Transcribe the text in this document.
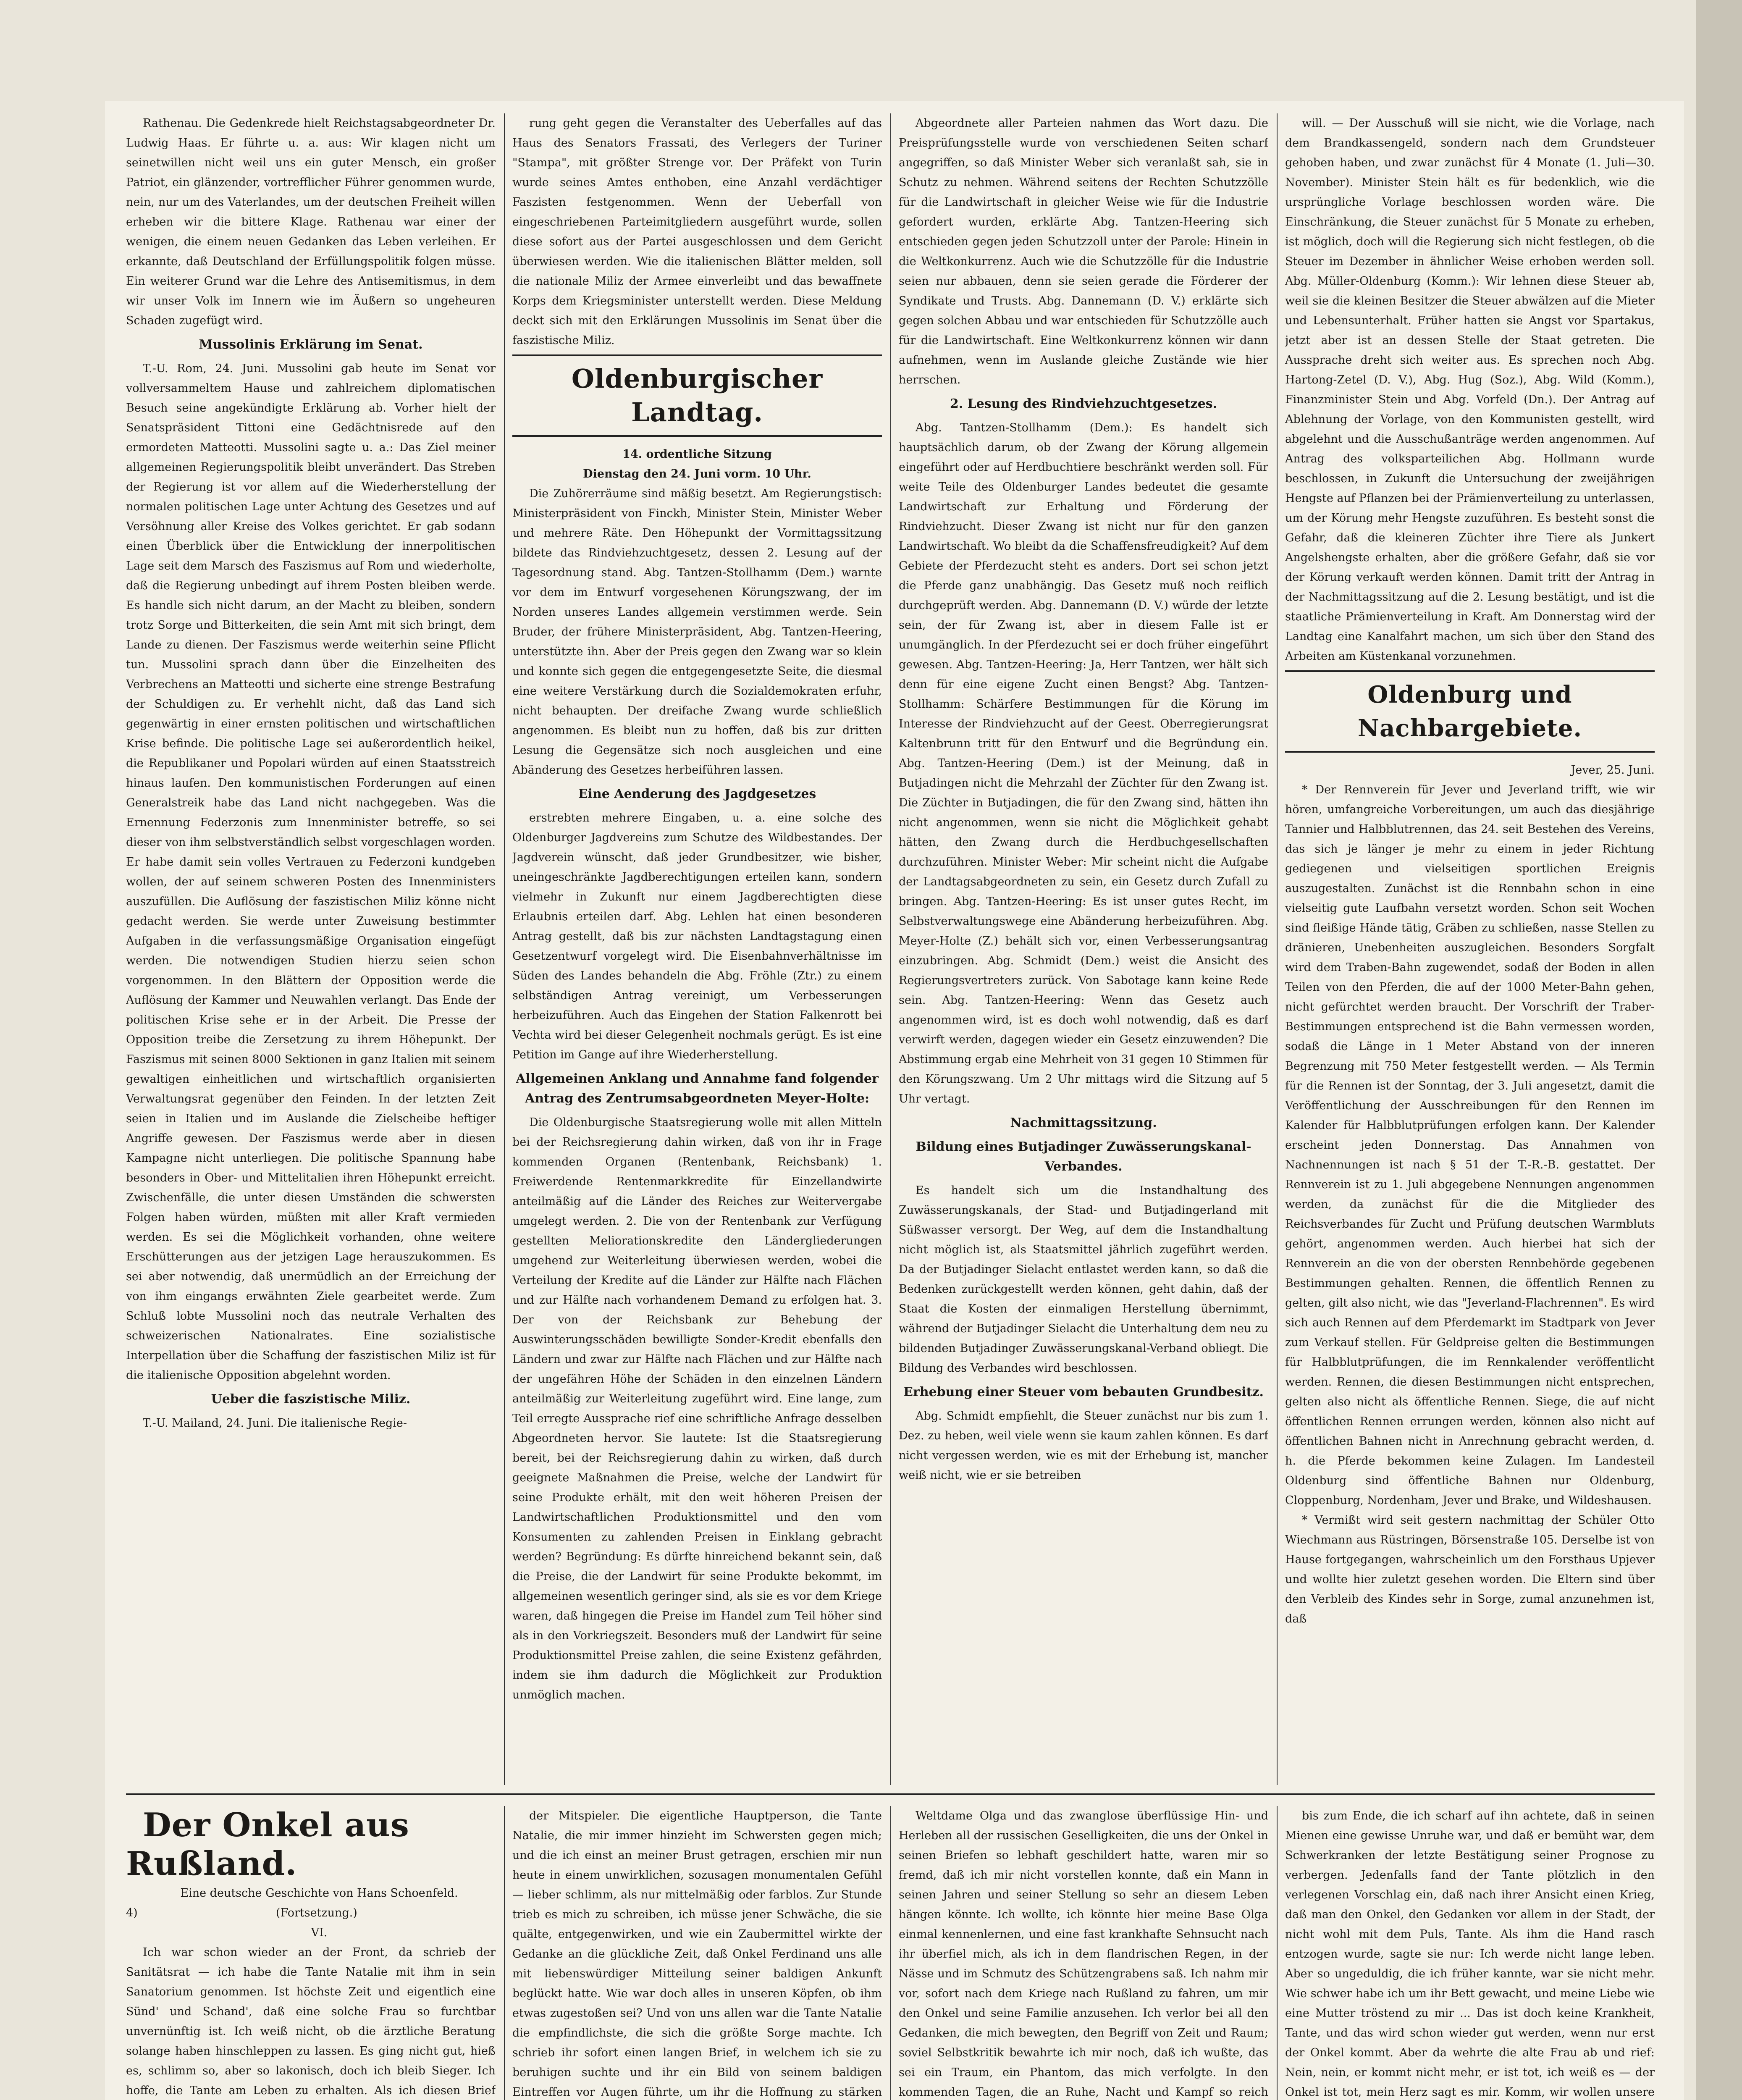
Rathenau. Die Gedenkrede hielt Reichstagsabgeordneter Dr. Ludwig Haas. Er führte u. a. aus: Wir klagen nicht um seinetwillen nicht weil uns ein guter Mensch, ein großer Patriot, ein glänzender, vortrefflicher Führer genommen wurde, nein, nur um des Vaterlandes, um der deutschen Freiheit willen erheben wir die bittere Klage. Rathenau war einer der wenigen, die einem neuen Gedanken das Leben verleihen. Er erkannte, daß Deutschland der Erfüllungspolitik folgen müsse. Ein weiterer Grund war die Lehre des Antisemitismus, in dem wir unser Volk im Innern wie im Äußern so ungeheuren Schaden zugefügt wird.

Mussolinis Erklärung im Senat.

T.-U. Rom, 24. Juni. Mussolini gab heute im Senat vor vollversammeltem Hause und zahlreichem diplomatischen Besuch seine angekündigte Erklärung ab. Vorher hielt der Senatspräsident Tittoni eine Gedächtnisrede auf den ermordeten Matteotti. Mussolini sagte u. a.: Das Ziel meiner allgemeinen Regierungspolitik bleibt unverändert. Das Streben der Regierung ist vor allem auf die Wiederherstellung der normalen politischen Lage unter Achtung des Gesetzes und auf Versöhnung aller Kreise des Volkes gerichtet. Er gab sodann einen Überblick über die Entwicklung der innerpolitischen Lage seit dem Marsch des Faszismus auf Rom und wiederholte, daß die Regierung unbedingt auf ihrem Posten bleiben werde. Es handle sich nicht darum, an der Macht zu bleiben, sondern trotz Sorge und Bitterkeiten, die sein Amt mit sich bringt, dem Lande zu dienen. Der Faszismus werde weiterhin seine Pflicht tun. Mussolini sprach dann über die Einzelheiten des Verbrechens an Matteotti und sicherte eine strenge Bestrafung der Schuldigen zu. Er verhehlt nicht, daß das Land sich gegenwärtig in einer ernsten politischen und wirtschaftlichen Krise befinde. Die politische Lage sei außerordentlich heikel, die Republikaner und Popolari würden auf einen Staatsstreich hinaus laufen. Den kommunistischen Forderungen auf einen Generalstreik habe das Land nicht nachgegeben. Was die Ernennung Federzonis zum Innenminister betreffe, so sei dieser von ihm selbstverständlich selbst vorgeschlagen worden. Er habe damit sein volles Vertrauen zu Federzoni kundgeben wollen, der auf seinem schweren Posten des Innenministers auszufüllen. Die Auflösung der faszistischen Miliz könne nicht gedacht werden. Sie werde unter Zuweisung bestimmter Aufgaben in die verfassungsmäßige Organisation eingefügt werden. Die notwendigen Studien hierzu seien schon vorgenommen. In den Blättern der Opposition werde die Auflösung der Kammer und Neuwahlen verlangt. Das Ende der politischen Krise sehe er in der Arbeit. Die Presse der Opposition treibe die Zersetzung zu ihrem Höhepunkt. Der Faszismus mit seinen 8000 Sektionen in ganz Italien mit seinem gewaltigen einheitlichen und wirtschaftlich organisierten Verwaltungsrat gegenüber den Feinden. In der letzten Zeit seien in Italien und im Auslande die Zielscheibe heftiger Angriffe gewesen. Der Faszismus werde aber in diesen Kampagne nicht unterliegen. Die politische Spannung habe besonders in Ober- und Mittelitalien ihren Höhepunkt erreicht. Zwischenfälle, die unter diesen Umständen die schwersten Folgen haben würden, müßten mit aller Kraft vermieden werden. Es sei die Möglichkeit vorhanden, ohne weitere Erschütterungen aus der jetzigen Lage herauszukommen. Es sei aber notwendig, daß unermüdlich an der Erreichung der von ihm eingangs erwähnten Ziele gearbeitet werde. Zum Schluß lobte Mussolini noch das neutrale Verhalten des schweizerischen Nationalrates. Eine sozialistische Interpellation über die Schaffung der faszistischen Miliz ist für die italienische Opposition abgelehnt worden.

Ueber die faszistische Miliz.

T.-U. Mailand, 24. Juni. Die italienische Regie-

rung geht gegen die Veranstalter des Ueberfalles auf das Haus des Senators Frassati, des Verlegers der Turiner "Stampa", mit größter Strenge vor. Der Präfekt von Turin wurde seines Amtes enthoben, eine Anzahl verdächtiger Faszisten festgenommen. Wenn der Ueberfall von eingeschriebenen Parteimitgliedern ausgeführt wurde, sollen diese sofort aus der Partei ausgeschlossen und dem Gericht überwiesen werden. Wie die italienischen Blätter melden, soll die nationale Miliz der Armee einverleibt und das bewaffnete Korps dem Kriegsminister unterstellt werden. Diese Meldung deckt sich mit den Erklärungen Mussolinis im Senat über die faszistische Miliz.

Oldenburgischer Landtag.

14. ordentliche Sitzung

Dienstag den 24. Juni vorm. 10 Uhr.

Die Zuhörerräume sind mäßig besetzt. Am Regierungstisch: Ministerpräsident von Finckh, Minister Stein, Minister Weber und mehrere Räte. Den Höhepunkt der Vormittagssitzung bildete das Rindviehzuchtgesetz, dessen 2. Lesung auf der Tagesordnung stand. Abg. Tantzen-Stollhamm (Dem.) warnte vor dem im Entwurf vorgesehenen Körungszwang, der im Norden unseres Landes allgemein verstimmen werde. Sein Bruder, der frühere Ministerpräsident, Abg. Tantzen-Heering, unterstützte ihn. Aber der Preis gegen den Zwang war so klein und konnte sich gegen die entgegengesetzte Seite, die diesmal eine weitere Verstärkung durch die Sozialdemokraten erfuhr, nicht behaupten. Der dreifache Zwang wurde schließlich angenommen. Es bleibt nun zu hoffen, daß bis zur dritten Lesung die Gegensätze sich noch ausgleichen und eine Abänderung des Gesetzes herbeiführen lassen.

Eine Aenderung des Jagdgesetzes

erstrebten mehrere Eingaben, u. a. eine solche des Oldenburger Jagdvereins zum Schutze des Wildbestandes. Der Jagdverein wünscht, daß jeder Grundbesitzer, wie bisher, uneingeschränkte Jagdberechtigungen erteilen kann, sondern vielmehr in Zukunft nur einem Jagdberechtigten diese Erlaubnis erteilen darf. Abg. Lehlen hat einen besonderen Antrag gestellt, daß bis zur nächsten Landtagstagung einen Gesetzentwurf vorgelegt wird. Die Eisenbahnverhältnisse im Süden des Landes behandeln die Abg. Fröhle (Ztr.) zu einem selbständigen Antrag vereinigt, um Verbesserungen herbeizuführen. Auch das Eingehen der Station Falkenrott bei Vechta wird bei dieser Gelegenheit nochmals gerügt. Es ist eine Petition im Gange auf ihre Wiederherstellung.

Allgemeinen Anklang und Annahme fand folgender Antrag des Zentrumsabgeordneten Meyer-Holte:

Die Oldenburgische Staatsregierung wolle mit allen Mitteln bei der Reichsregierung dahin wirken, daß von ihr in Frage kommenden Organen (Rentenbank, Reichsbank) 1. Freiwerdende Rentenmarkkredite für Einzellandwirte anteilmäßig auf die Länder des Reiches zur Weitervergabe umgelegt werden. 2. Die von der Rentenbank zur Verfügung gestellten Meliorationskredite den Ländergliederungen umgehend zur Weiterleitung überwiesen werden, wobei die Verteilung der Kredite auf die Länder zur Hälfte nach Flächen und zur Hälfte nach vorhandenem Demand zu erfolgen hat. 3. Der von der Reichsbank zur Behebung der Auswinterungsschäden bewilligte Sonder-Kredit ebenfalls den Ländern und zwar zur Hälfte nach Flächen und zur Hälfte nach der ungefähren Höhe der Schäden in den einzelnen Ländern anteilmäßig zur Weiterleitung zugeführt wird. Eine lange, zum Teil erregte Aussprache rief eine schriftliche Anfrage desselben Abgeordneten hervor. Sie lautete: Ist die Staatsregierung bereit, bei der Reichsregierung dahin zu wirken, daß durch geeignete Maßnahmen die Preise, welche der Landwirt für seine Produkte erhält, mit den weit höheren Preisen der Landwirtschaftlichen Produktionsmittel und den vom Konsumenten zu zahlenden Preisen in Einklang gebracht werden? Begründung: Es dürfte hinreichend bekannt sein, daß die Preise, die der Landwirt für seine Produkte bekommt, im allgemeinen wesentlich geringer sind, als sie es vor dem Kriege waren, daß hingegen die Preise im Handel zum Teil höher sind als in den Vorkriegszeit. Besonders muß der Landwirt für seine Produktionsmittel Preise zahlen, die seine Existenz gefährden, indem sie ihm dadurch die Möglichkeit zur Produktion unmöglich machen.

Abgeordnete aller Parteien nahmen das Wort dazu. Die Preisprüfungsstelle wurde von verschiedenen Seiten scharf angegriffen, so daß Minister Weber sich veranlaßt sah, sie in Schutz zu nehmen. Während seitens der Rechten Schutzzölle für die Landwirtschaft in gleicher Weise wie für die Industrie gefordert wurden, erklärte Abg. Tantzen-Heering sich entschieden gegen jeden Schutzzoll unter der Parole: Hinein in die Weltkonkurrenz. Auch wie die Schutzzölle für die Industrie seien nur abbauen, denn sie seien gerade die Förderer der Syndikate und Trusts. Abg. Dannemann (D. V.) erklärte sich gegen solchen Abbau und war entschieden für Schutzzölle auch für die Landwirtschaft. Eine Weltkonkurrenz können wir dann aufnehmen, wenn im Auslande gleiche Zustände wie hier herrschen.

2. Lesung des Rindviehzuchtgesetzes.

Abg. Tantzen-Stollhamm (Dem.): Es handelt sich hauptsächlich darum, ob der Zwang der Körung allgemein eingeführt oder auf Herdbuchtiere beschränkt werden soll. Für weite Teile des Oldenburger Landes bedeutet die gesamte Landwirtschaft zur Erhaltung und Förderung der Rindviehzucht. Dieser Zwang ist nicht nur für den ganzen Landwirtschaft. Wo bleibt da die Schaffensfreudigkeit? Auf dem Gebiete der Pferdezucht steht es anders. Dort sei schon jetzt die Pferde ganz unabhängig. Das Gesetz muß noch reiflich durchgeprüft werden. Abg. Dannemann (D. V.) würde der letzte sein, der für Zwang ist, aber in diesem Falle ist er unumgänglich. In der Pferdezucht sei er doch früher eingeführt gewesen. Abg. Tantzen-Heering: Ja, Herr Tantzen, wer hält sich denn für eine eigene Zucht einen Bengst? Abg. Tantzen-Stollhamm: Schärfere Bestimmungen für die Körung im Interesse der Rindviehzucht auf der Geest. Oberregierungsrat Kaltenbrunn tritt für den Entwurf und die Begründung ein. Abg. Tantzen-Heering (Dem.) ist der Meinung, daß in Butjadingen nicht die Mehrzahl der Züchter für den Zwang ist. Die Züchter in Butjadingen, die für den Zwang sind, hätten ihn nicht angenommen, wenn sie nicht die Möglichkeit gehabt hätten, den Zwang durch die Herdbuchgesellschaften durchzuführen. Minister Weber: Mir scheint nicht die Aufgabe der Landtagsabgeordneten zu sein, ein Gesetz durch Zufall zu bringen. Abg. Tantzen-Heering: Es ist unser gutes Recht, im Selbstverwaltungswege eine Abänderung herbeizuführen. Abg. Meyer-Holte (Z.) behält sich vor, einen Verbesserungsantrag einzubringen. Abg. Schmidt (Dem.) weist die Ansicht des Regierungsvertreters zurück. Von Sabotage kann keine Rede sein. Abg. Tantzen-Heering: Wenn das Gesetz auch angenommen wird, ist es doch wohl notwendig, daß es darf verwirft werden, dagegen wieder ein Gesetz einzuwenden? Die Abstimmung ergab eine Mehrheit von 31 gegen 10 Stimmen für den Körungszwang. Um 2 Uhr mittags wird die Sitzung auf 5 Uhr vertagt.

Nachmittagssitzung.

Bildung eines Butjadinger Zuwässerungskanal-Verbandes.

Es handelt sich um die Instandhaltung des Zuwässerungskanals, der Stad- und Butjadingerland mit Süßwasser versorgt. Der Weg, auf dem die Instandhaltung nicht möglich ist, als Staatsmittel jährlich zugeführt werden. Da der Butjadinger Sielacht entlastet werden kann, so daß die Bedenken zurückgestellt werden können, geht dahin, daß der Staat die Kosten der einmaligen Herstellung übernimmt, während der Butjadinger Sielacht die Unterhaltung dem neu zu bildenden Butjadinger Zuwässerungskanal-Verband obliegt. Die Bildung des Verbandes wird beschlossen.

Erhebung einer Steuer vom bebauten Grundbesitz.

Abg. Schmidt empfiehlt, die Steuer zunächst nur bis zum 1. Dez. zu heben, weil viele wenn sie kaum zahlen können. Es darf nicht vergessen werden, wie es mit der Erhebung ist, mancher weiß nicht, wie er sie betreiben

will. — Der Ausschuß will sie nicht, wie die Vorlage, nach dem Brandkassengeld, sondern nach dem Grundsteuer gehoben haben, und zwar zunächst für 4 Monate (1. Juli—30. November). Minister Stein hält es für bedenklich, wie die ursprüngliche Vorlage beschlossen worden wäre. Die Einschränkung, die Steuer zunächst für 5 Monate zu erheben, ist möglich, doch will die Regierung sich nicht festlegen, ob die Steuer im Dezember in ähnlicher Weise erhoben werden soll. Abg. Müller-Oldenburg (Komm.): Wir lehnen diese Steuer ab, weil sie die kleinen Besitzer die Steuer abwälzen auf die Mieter und Lebensunterhalt. Früher hatten sie Angst vor Spartakus, jetzt aber ist an dessen Stelle der Staat getreten. Die Aussprache dreht sich weiter aus. Es sprechen noch Abg. Hartong-Zetel (D. V.), Abg. Hug (Soz.), Abg. Wild (Komm.), Finanzminister Stein und Abg. Vorfeld (Dn.). Der Antrag auf Ablehnung der Vorlage, von den Kommunisten gestellt, wird abgelehnt und die Ausschußanträge werden angenommen. Auf Antrag des volksparteilichen Abg. Hollmann wurde beschlossen, in Zukunft die Untersuchung der zweijährigen Hengste auf Pflanzen bei der Prämienverteilung zu unterlassen, um der Körung mehr Hengste zuzuführen. Es besteht sonst die Gefahr, daß die kleineren Züchter ihre Tiere als Junkert Angelshengste erhalten, aber die größere Gefahr, daß sie vor der Körung verkauft werden können. Damit tritt der Antrag in der Nachmittagssitzung auf die 2. Lesung bestätigt, und ist die staatliche Prämienverteilung in Kraft. Am Donnerstag wird der Landtag eine Kanalfahrt machen, um sich über den Stand des Arbeiten am Küstenkanal vorzunehmen.

Oldenburg und Nachbargebiete.

Jever, 25. Juni.

* Der Rennverein für Jever und Jeverland trifft, wie wir hören, umfangreiche Vorbereitungen, um auch das diesjährige Tannier und Halbblutrennen, das 24. seit Bestehen des Vereins, das sich je länger je mehr zu einem in jeder Richtung gediegenen und vielseitigen sportlichen Ereignis auszugestalten. Zunächst ist die Rennbahn schon in eine vielseitig gute Laufbahn versetzt worden. Schon seit Wochen sind fleißige Hände tätig, Gräben zu schließen, nasse Stellen zu dränieren, Unebenheiten auszugleichen. Besonders Sorgfalt wird dem Traben-Bahn zugewendet, sodaß der Boden in allen Teilen von den Pferden, die auf der 1000 Meter-Bahn gehen, nicht gefürchtet werden braucht. Der Vorschrift der Traber-Bestimmungen entsprechend ist die Bahn vermessen worden, sodaß die Länge in 1 Meter Abstand von der inneren Begrenzung mit 750 Meter festgestellt werden. — Als Termin für die Rennen ist der Sonntag, der 3. Juli angesetzt, damit die Veröffentlichung der Ausschreibungen für den Rennen im Kalender für Halbblutprüfungen erfolgen kann. Der Kalender erscheint jeden Donnerstag. Das Annahmen von Nachnennungen ist nach § 51 der T.-R.-B. gestattet. Der Rennverein ist zu 1. Juli abgegebene Nennungen angenommen werden, da zunächst für die die Mitglieder des Reichsverbandes für Zucht und Prüfung deutschen Warmbluts gehört, angenommen werden. Auch hierbei hat sich der Rennverein an die von der obersten Rennbehörde gegebenen Bestimmungen gehalten. Rennen, die öffentlich Rennen zu gelten, gilt also nicht, wie das "Jeverland-Flachrennen". Es wird sich auch Rennen auf dem Pferdemarkt im Stadtpark von Jever zum Verkauf stellen. Für Geldpreise gelten die Bestimmungen für Halbblutprüfungen, die im Rennkalender veröffentlicht werden. Rennen, die diesen Bestimmungen nicht entsprechen, gelten also nicht als öffentliche Rennen. Siege, die auf nicht öffentlichen Rennen errungen werden, können also nicht auf öffentlichen Bahnen nicht in Anrechnung gebracht werden, d. h. die Pferde bekommen keine Zulagen. Im Landesteil Oldenburg sind öffentliche Bahnen nur Oldenburg, Cloppenburg, Nordenham, Jever und Brake, und Wildeshausen.

* Vermißt wird seit gestern nachmittag der Schüler Otto Wiechmann aus Rüstringen, Börsenstraße 105. Derselbe ist von Hause fortgegangen, wahrscheinlich um den Forsthaus Upjever und wollte hier zuletzt gesehen worden. Die Eltern sind über den Verbleib des Kindes sehr in Sorge, zumal anzunehmen ist, daß

Der Onkel aus Rußland.

Eine deutsche Geschichte von Hans Schoenfeld.

4)	(Fortsetzung.)

VI.

Ich war schon wieder an der Front, da schrieb der Sanitätsrat — ich habe die Tante Natalie mit ihm in sein Sanatorium genommen. Ist höchste Zeit und eigentlich eine Sünd' und Schand', daß eine solche Frau so furchtbar unvernünftig ist. Ich weiß nicht, ob die ärztliche Beratung solange haben hinschleppen zu lassen. Es ging nicht gut, hieß es, schlimm so, aber so lakonisch, doch ich bleib Sieger. Ich hoffe, die Tante am Leben zu erhalten. Als ich diesen Brief

der Mitspieler. Die eigentliche Hauptperson, die Tante Natalie, die mir immer hinzieht im Schwersten gegen mich; und die ich einst an meiner Brust getragen, erschien mir nun heute in einem unwirklichen, sozusagen monumentalen Gefühl — lieber schlimm, als nur mittelmäßig oder farblos. Zur Stunde trieb es mich zu schreiben, ich müsse jener Schwäche, die sie quälte, entgegenwirken, und wie ein Zaubermittel wirkte der Gedanke an die glückliche Zeit, daß Onkel Ferdinand uns alle mit liebenswürdiger Mitteilung seiner baldigen Ankunft beglückt hatte. Wie war doch alles in unseren Köpfen, ob ihm etwas zugestoßen sei? Und von uns allen war die Tante Natalie die empfindlichste, die sich die größte Sorge machte. Ich schrieb ihr sofort einen langen Brief, in welchem ich sie zu beruhigen suchte und ihr ein Bild von seinem baldigen Eintreffen vor Augen führte, um ihr die Hoffnung zu stärken

Weltdame Olga und das zwanglose überflüssige Hin- und Herleben all der russischen Geselligkeiten, die uns der Onkel in seinen Briefen so lebhaft geschildert hatte, waren mir so fremd, daß ich mir nicht vorstellen konnte, daß ein Mann in seinen Jahren und seiner Stellung so sehr an diesem Leben hängen könnte. Ich wollte, ich könnte hier meine Base Olga einmal kennenlernen, und eine fast krankhafte Sehnsucht nach ihr überfiel mich, als ich in dem flandrischen Regen, in der Nässe und im Schmutz des Schützengrabens saß. Ich nahm mir vor, sofort nach dem Kriege nach Rußland zu fahren, um mir den Onkel und seine Familie anzusehen. Ich verlor bei all den Gedanken, die mich bewegten, den Begriff von Zeit und Raum; soviel Selbstkritik bewahrte ich mir noch, daß ich wußte, das sei ein Traum, ein Phantom, das mich verfolgte. In den kommenden Tagen, die an Ruhe, Nacht und Kampf so reich

bis zum Ende, die ich scharf auf ihn achtete, daß in seinen Mienen eine gewisse Unruhe war, und daß er bemüht war, dem Schwerkranken der letzte Bestätigung seiner Prognose zu verbergen. Jedenfalls fand der Tante plötzlich in den verlegenen Vorschlag ein, daß nach ihrer Ansicht einen Krieg, daß man den Onkel, den Gedanken vor allem in der Stadt, der nicht wohl mit dem Puls, Tante. Als ihm die Hand rasch entzogen wurde, sagte sie nur: Ich werde nicht lange leben. Aber so ungeduldig, die ich früher kannte, war sie nicht mehr. Wie schwer habe ich um ihr Bett gewacht, und meine Liebe wie eine Mutter tröstend zu mir ... Das ist doch keine Krankheit, Tante, und das wird schon wieder gut werden, wenn nur erst der Onkel kommt. Aber da wehrte die alte Frau ab und rief: Nein, nein, er kommt nicht mehr, er ist tot, ich weiß es — der Onkel ist tot, mein Herz sagt es mir. Komm, wir wollen unsere
